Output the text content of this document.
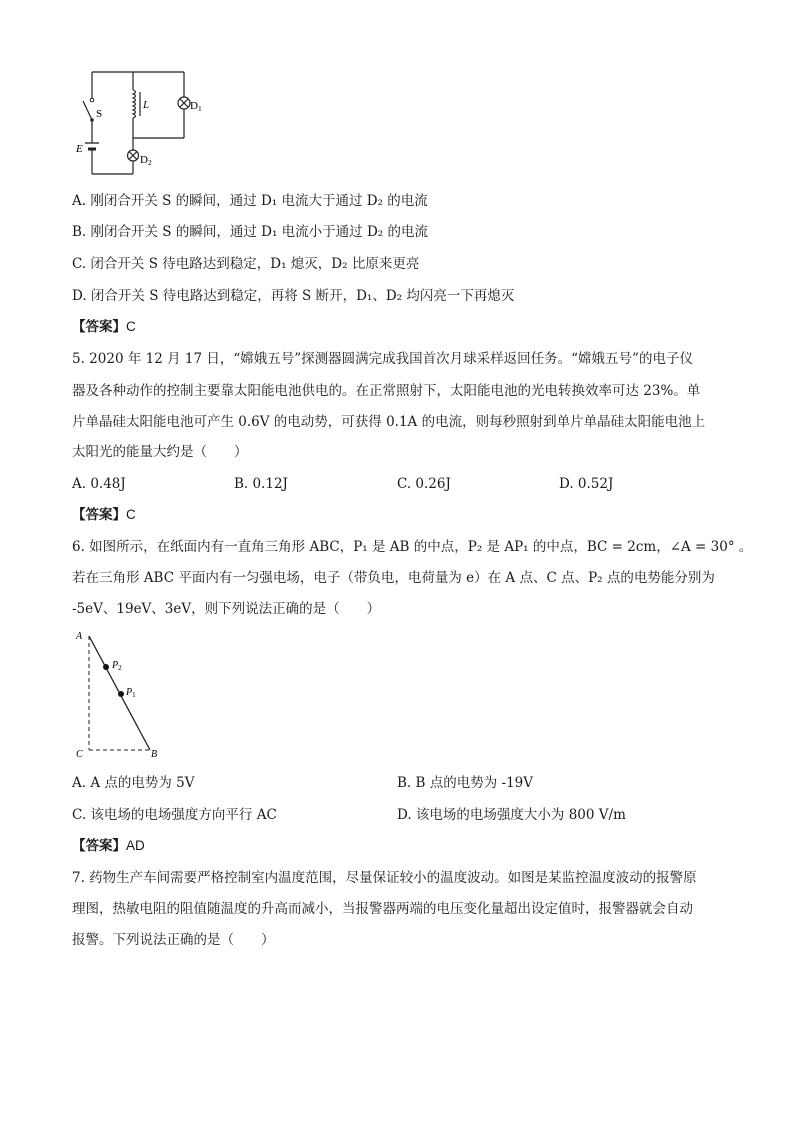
S
L	D1
E
D2
A. 刚闭合开关 S 的瞬间，通过 D₁ 电流大于通过 D₂ 的电流
B. 刚闭合开关 S 的瞬间，通过 D₁ 电流小于通过 D₂ 的电流
C. 闭合开关 S 待电路达到稳定，D₁ 熄灭，D₂ 比原来更亮
D. 闭合开关 S 待电路达到稳定，再将 S 断开，D₁、D₂ 均闪亮一下再熄灭
【答案】C
5. 2020 年 12 月 17 日，“嫦娥五号”探测器圆满完成我国首次月球采样返回任务。“嫦娥五号”的电子仪
器及各种动作的控制主要靠太阳能电池供电的。在正常照射下，太阳能电池的光电转换效率可达 23%。单
片单晶硅太阳能电池可产生 0.6V 的电动势，可获得 0.1A 的电流，则每秒照射到单片单晶硅太阳能电池上
太阳光的能量大约是（　　）
A. 0.48J	B. 0.12J	C. 0.26J	D. 0.52J
【答案】C
6. 如图所示，在纸面内有一直角三角形 ABC，P₁ 是 AB 的中点，P₂ 是 AP₁ 的中点，BC = 2cm，∠A = 30° 。
若在三角形 ABC 平面内有一匀强电场，电子（带负电，电荷量为 e）在 A 点、C 点、P₂ 点的电势能分别为
-5eV、19eV、3eV，则下列说法正确的是（　　）
A
C	B
$P_2$
$P_1$
A. A 点的电势为 5V	B. B 点的电势为 -19V
C. 该电场的电场强度方向平行 AC	D. 该电场的电场强度大小为 800 V/m
【答案】AD
7. 药物生产车间需要严格控制室内温度范围，尽量保证较小的温度波动。如图是某监控温度波动的报警原
理图，热敏电阻的阻值随温度的升高而减小，当报警器两端的电压变化量超出设定值时，报警器就会自动
报警。下列说法正确的是（　　）
